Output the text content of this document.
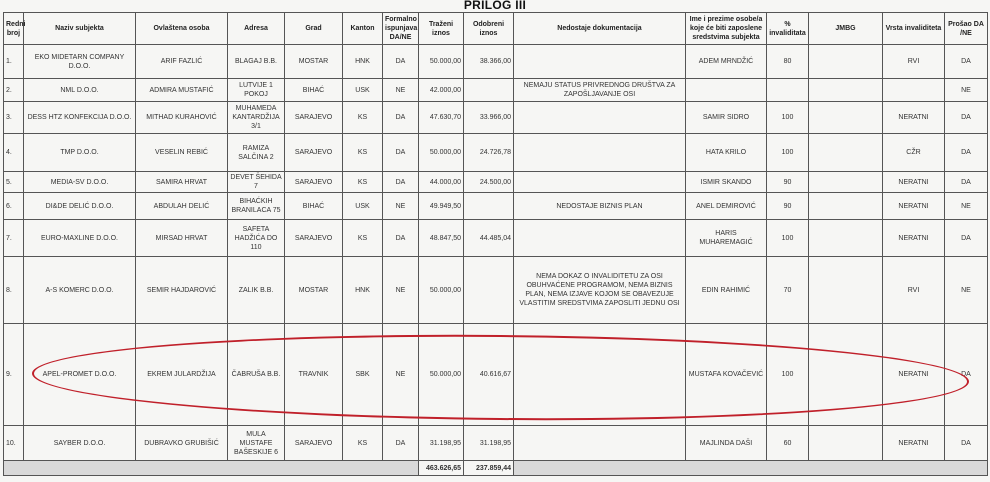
PRILOG III
Redni broj	Naziv subjekta	Ovlaštena osoba	Adresa	Grad	Kanton	Formalno ispunjava DA/NE	Traženi iznos	Odobreni iznos	Nedostaje dokumentacija	Ime i prezime osobe/a koje će biti zaposlene sredstvima subjekta	% invaliditata	JMBG	Vrsta invaliditeta	Prošao DA /NE
1.	EKO MIDETARN COMPANY D.O.O.	ARIF FAZLIĆ	BLAGAJ B.B.	MOSTAR	HNK	DA	50.000,00	38.366,00		ADEM MRNDŽIĆ	80		RVI	DA
2.	NML D.O.O.	ADMIRA MUSTAFIĆ	LUTVIJE 1 POKOJ	BIHAĆ	USK	NE	42.000,00		NEMAJU STATUS PRIVREDNOG DRUŠTVA ZA ZAPOŠLJAVANJE OSI					NE
3.	DESS HTZ KONFEKCIJA D.O.O.	MITHAD KURAHOVIĆ	MUHAMEDA KANTARDŽIJA 3/1	SARAJEVO	KS	DA	47.630,70	33.966,00		SAMIR SIDRO	100		NERATNI	DA
4.	TMP D.O.O.	VESELIN REBIĆ	RAMIZA SALČINA 2	SARAJEVO	KS	DA	50.000,00	24.726,78		HATA KRILO	100		CŽR	DA
5.	MEDIA-SV D.O.O.	SAMIRA HRVAT	DEVET ŠEHIDA 7	SARAJEVO	KS	DA	44.000,00	24.500,00		ISMIR SKANDO	90		NERATNI	DA
6.	DI&DE DELIĆ D.O.O.	ABDULAH DELIĆ	BIHAĆKIH BRANILACA 75	BIHAĆ	USK	NE	49.949,50		NEDOSTAJE BIZNIS PLAN	ANEL DEMIROVIĆ	90		NERATNI	NE
7.	EURO-MAXLINE D.O.O.	MIRSAD HRVAT	SAFETA HADŽIĆA DO 110	SARAJEVO	KS	DA	48.847,50	44.485,04		HARIS MUHAREMAGIĆ	100		NERATNI	DA
8.	A-S KOMERC D.O.O.	SEMIR HAJDAROVIĆ	ZALIK B.B.	MOSTAR	HNK	NE	50.000,00		NEMA DOKAZ O INVALIDITETU ZA OSI OBUHVAĆENE PROGRAMOM, NEMA BIZNIS PLAN, NEMA IZJAVE KOJOM SE OBAVEZUJE VLASTITIM SREDSTVIMA ZAPOSLITI JEDNU OSI	EDIN RAHIMIĆ	70		RVI	NE
9.	APEL-PROMET D.O.O.	EKREM JULARDŽIJA	ČABRUŠA B.B.	TRAVNIK	SBK	NE	50.000,00	40.616,67		MUSTAFA KOVAČEVIĆ	100		NERATNI	DA
10.	SAYBER D.O.O.	DUBRAVKO GRUBIŠIĆ	MULA MUSTAFE BAŠESKIJE 6	SARAJEVO	KS	DA	31.198,95	31.198,95		MAJLINDA DAŠI	60		NERATNI	DA
							463.626,65	237.859,44						
